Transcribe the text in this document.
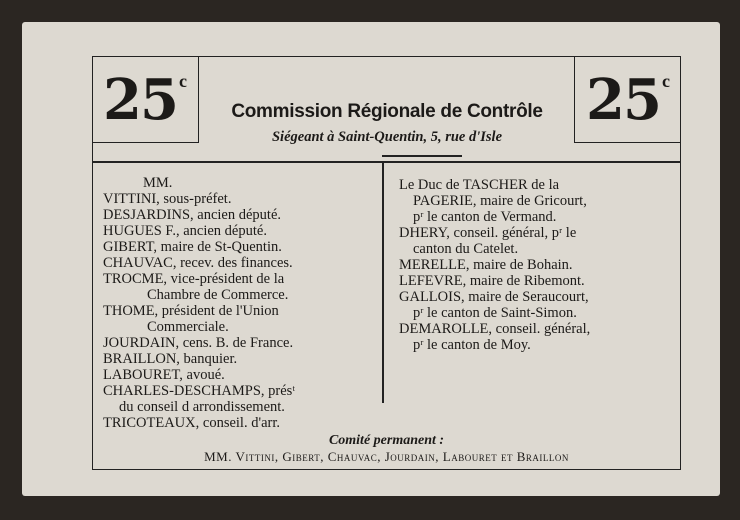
25 c	25 c
Commission Régionale de Contrôle
Siégeant à Saint-Quentin, 5, rue d'Isle
MM.
VITTINI, sous-préfet.
DESJARDINS, ancien député.
HUGUES F., ancien député.
GIBERT, maire de St-Quentin.
CHAUVAC, recev. des finances.
TROCME, vice-président de la
Chambre de Commerce.
THOME, président de l'Union
Commerciale.
JOURDAIN, cens. B. de France.
BRAILLON, banquier.
LABOURET, avoué.
CHARLES-DESCHAMPS, présᵗ
du conseil d arrondissement.
TRICOTEAUX, conseil. d'arr.
Le Duc de TASCHER de la
PAGERIE, maire de Gricourt,
pʳ le canton de Vermand.
DHERY, conseil. général, pʳ le
canton du Catelet.
MERELLE, maire de Bohain.
LEFEVRE, maire de Ribemont.
GALLOIS, maire de Seraucourt,
pʳ le canton de Saint-Simon.
DEMAROLLE, conseil. général,
pʳ le canton de Moy.
Comité permanent :
MM. Vittini, Gibert, Chauvac, Jourdain, Labouret et Braillon
